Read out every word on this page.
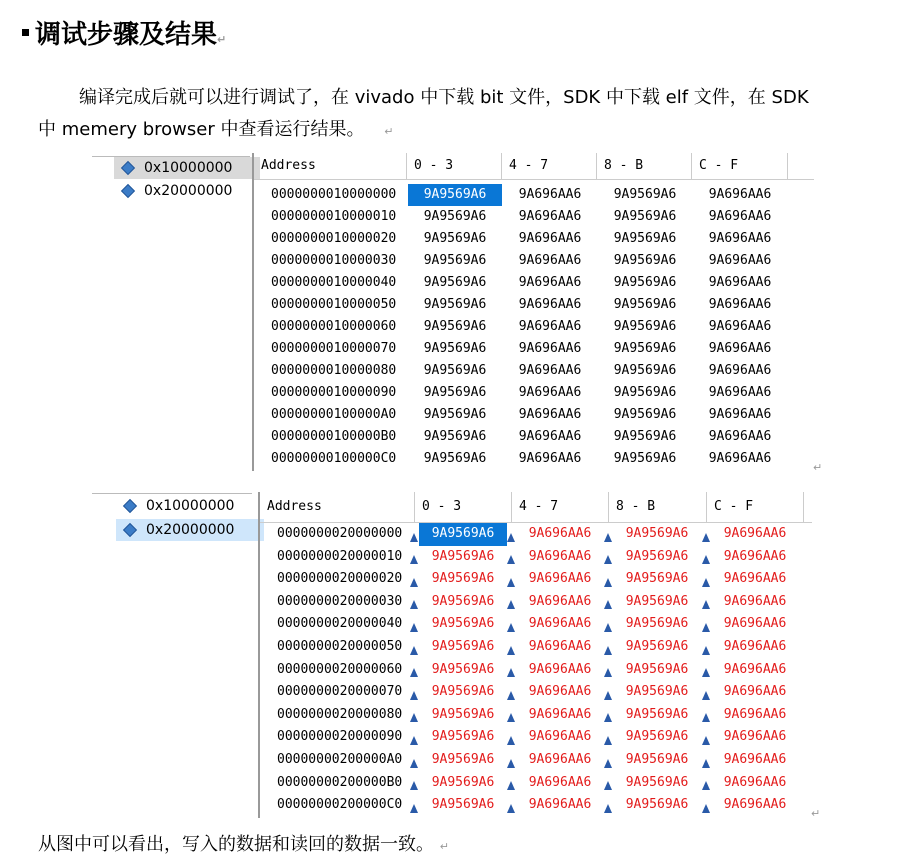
调试步骤及结果↵
编译完成后就可以进行调试了，在 vivado 中下载 bit 文件，SDK 中下载 elf 文件，在 SDK
中 memery browser 中查看运行结果。 ↵
0x10000000
0x20000000
Address	0 - 3	4 - 7	8 - B	C - F
0000000010000000	9A9569A6	9A696AA6	9A9569A6	9A696AA6
0000000010000010	9A9569A6	9A696AA6	9A9569A6	9A696AA6
0000000010000020	9A9569A6	9A696AA6	9A9569A6	9A696AA6
0000000010000030	9A9569A6	9A696AA6	9A9569A6	9A696AA6
0000000010000040	9A9569A6	9A696AA6	9A9569A6	9A696AA6
0000000010000050	9A9569A6	9A696AA6	9A9569A6	9A696AA6
0000000010000060	9A9569A6	9A696AA6	9A9569A6	9A696AA6
0000000010000070	9A9569A6	9A696AA6	9A9569A6	9A696AA6
0000000010000080	9A9569A6	9A696AA6	9A9569A6	9A696AA6
0000000010000090	9A9569A6	9A696AA6	9A9569A6	9A696AA6
00000000100000A0	9A9569A6	9A696AA6	9A9569A6	9A696AA6
00000000100000B0	9A9569A6	9A696AA6	9A9569A6	9A696AA6
00000000100000C0	9A9569A6	9A696AA6	9A9569A6	9A696AA6
↵
0x10000000
0x20000000
Address	0 - 3	4 - 7	8 - B	C - F
0000000020000000	9A9569A6	9A696AA6	9A9569A6	9A696AA6
0000000020000010	9A9569A6	9A696AA6	9A9569A6	9A696AA6
0000000020000020	9A9569A6	9A696AA6	9A9569A6	9A696AA6
0000000020000030	9A9569A6	9A696AA6	9A9569A6	9A696AA6
0000000020000040	9A9569A6	9A696AA6	9A9569A6	9A696AA6
0000000020000050	9A9569A6	9A696AA6	9A9569A6	9A696AA6
0000000020000060	9A9569A6	9A696AA6	9A9569A6	9A696AA6
0000000020000070	9A9569A6	9A696AA6	9A9569A6	9A696AA6
0000000020000080	9A9569A6	9A696AA6	9A9569A6	9A696AA6
0000000020000090	9A9569A6	9A696AA6	9A9569A6	9A696AA6
00000000200000A0	9A9569A6	9A696AA6	9A9569A6	9A696AA6
00000000200000B0	9A9569A6	9A696AA6	9A9569A6	9A696AA6
00000000200000C0	9A9569A6	9A696AA6	9A9569A6	9A696AA6
↵
从图中可以看出，写入的数据和读回的数据一致。 ↵
